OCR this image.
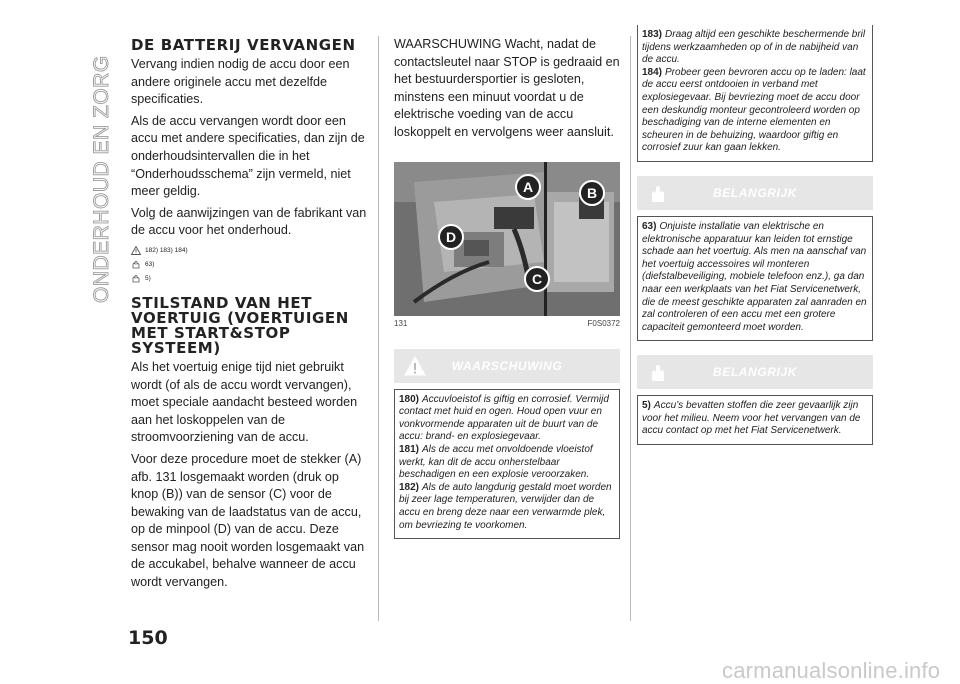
ONDERHOUD EN ZORG
DE BATTERIJ VERVANGEN

Vervang indien nodig de accu door een andere originele accu met dezelfde specificaties.

Als de accu vervangen wordt door een accu met andere specificaties, dan zijn de onderhoudsintervallen die in het “Onderhoudsschema” zijn vermeld, niet meer geldig.

Volg de aanwijzingen van de fabrikant van de accu voor het onderhoud.

182) 183) 184)
63)
5)
STILSTAND VAN HET VOERTUIG (VOERTUIGEN MET START&STOP SYSTEEM)

Als het voertuig enige tijd niet gebruikt wordt (of als de accu wordt vervangen), moet speciale aandacht besteed worden aan het loskoppelen van de stroomvoorziening van de accu.

Voor deze procedure moet de stekker (A) afb. 131 losgemaakt worden (druk op knop (B)) van de sensor (C) voor de bewaking van de laadstatus van de accu, op de minpool (D) van de accu. Deze sensor mag nooit worden losgemaakt van de accukabel, behalve wanneer de accu wordt vervangen.

WAARSCHUWING Wacht, nadat de contactsleutel naar STOP is gedraaid en het bestuurdersportier is gesloten, minstens een minuut voordat u de elektrische voeding van de accu loskoppelt en vervolgens weer aansluit.

A	B
D
C
131	F0S0372
WAARSCHUWING

180) Accuvloeistof is giftig en corrosief. Vermijd contact met huid en ogen. Houd open vuur en vonkvormende apparaten uit de buurt van de accu: brand- en explosiegevaar.

181) Als de accu met onvoldoende vloeistof werkt, kan dit de accu onherstelbaar beschadigen en een explosie veroorzaken.

182) Als de auto langdurig gestald moet worden bij zeer lage temperaturen, verwijder dan de accu en breng deze naar een verwarmde plek, om bevriezing te voorkomen.

183) Draag altijd een geschikte beschermende bril tijdens werkzaamheden op of in de nabijheid van de accu.

184) Probeer geen bevroren accu op te laden: laat de accu eerst ontdooien in verband met explosiegevaar. Bij bevriezing moet de accu door een deskundig monteur gecontroleerd worden op beschadiging van de interne elementen en scheuren in de behuizing, waardoor giftig en corrosief zuur kan gaan lekken.

BELANGRIJK

63) Onjuiste installatie van elektrische en elektronische apparatuur kan leiden tot ernstige schade aan het voertuig. Als men na aanschaf van het voertuig accessoires wil monteren (diefstalbeveiliging, mobiele telefoon enz.), ga dan naar een werkplaats van het Fiat Servicenetwerk, die de meest geschikte apparaten zal aanraden en zal controleren of een accu met een grotere capaciteit gemonteerd moet worden.

BELANGRIJK

5) Accu’s bevatten stoffen die zeer gevaarlijk zijn voor het milieu. Neem voor het vervangen van de accu contact op met het Fiat Servicenetwerk.

150
carmanualsonline.info
